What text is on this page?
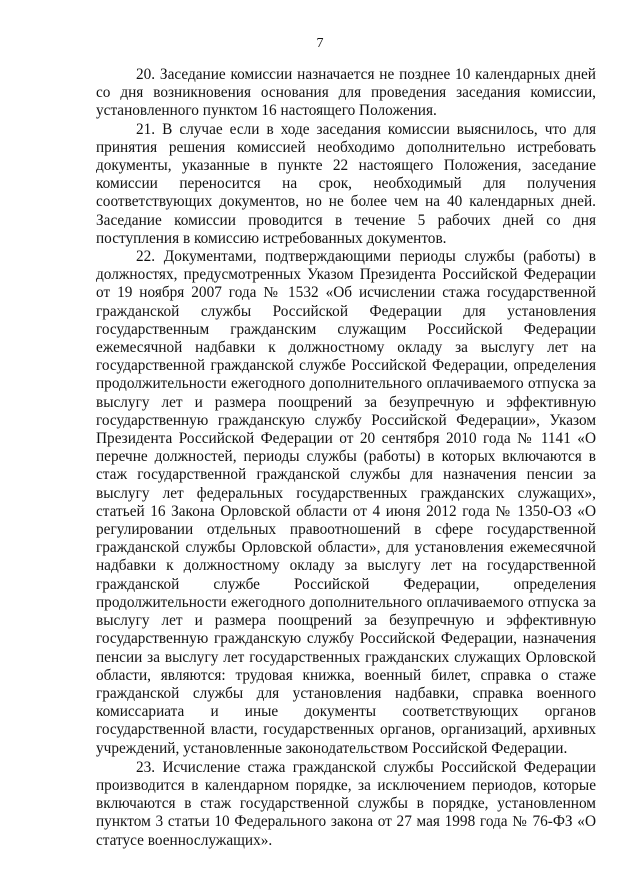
7

20. Заседание комиссии назначается не позднее 10 календарных дней со дня возникновения основания для проведения заседания комиссии, установленного пунктом 16 настоящего Положения.

21. В случае если в ходе заседания комиссии выяснилось, что для принятия решения комиссией необходимо дополнительно истребовать документы, указанные в пункте 22 настоящего Положения, заседание комиссии переносится на срок, необходимый для получения соответствующих документов, но не более чем на 40 календарных дней. Заседание комиссии проводится в течение 5 рабочих дней со дня поступления в комиссию истребованных документов.

22. Документами, подтверждающими периоды службы (работы) в должностях, предусмотренных Указом Президента Российской Федерации от 19 ноября 2007 года № 1532 «Об исчислении стажа государственной гражданской службы Российской Федерации для установления государственным гражданским служащим Российской Федерации ежемесячной надбавки к должностному окладу за выслугу лет на государственной гражданской службе Российской Федерации, определения продолжительности ежегодного дополнительного оплачиваемого отпуска за выслугу лет и размера поощрений за безупречную и эффективную государственную гражданскую службу Российской Федерации», Указом Президента Российской Федерации от 20 сентября 2010 года № 1141 «О перечне должностей, периоды службы (работы) в которых включаются в стаж государственной гражданской службы для назначения пенсии за выслугу лет федеральных государственных гражданских служащих», статьей 16 Закона Орловской области от 4 июня 2012 года № 1350-ОЗ «О регулировании отдельных правоотношений в сфере государственной гражданской службы Орловской области», для установления ежемесячной надбавки к должностному окладу за выслугу лет на государственной гражданской службе Российской Федерации, определения продолжительности ежегодного дополнительного оплачиваемого отпуска за выслугу лет и размера поощрений за безупречную и эффективную государственную гражданскую службу Российской Федерации, назначения пенсии за выслугу лет государственных гражданских служащих Орловской области, являются: трудовая книжка, военный билет, справка о стаже гражданской службы для установления надбавки, справка военного комиссариата и иные документы соответствующих органов государственной власти, государственных органов, организаций, архивных учреждений, установленные законодательством Российской Федерации.

23. Исчисление стажа гражданской службы Российской Федерации производится в календарном порядке, за исключением периодов, которые включаются в стаж государственной службы в порядке, установленном пунктом 3 статьи 10 Федерального закона от 27 мая 1998 года № 76-ФЗ «О статусе военнослужащих».
